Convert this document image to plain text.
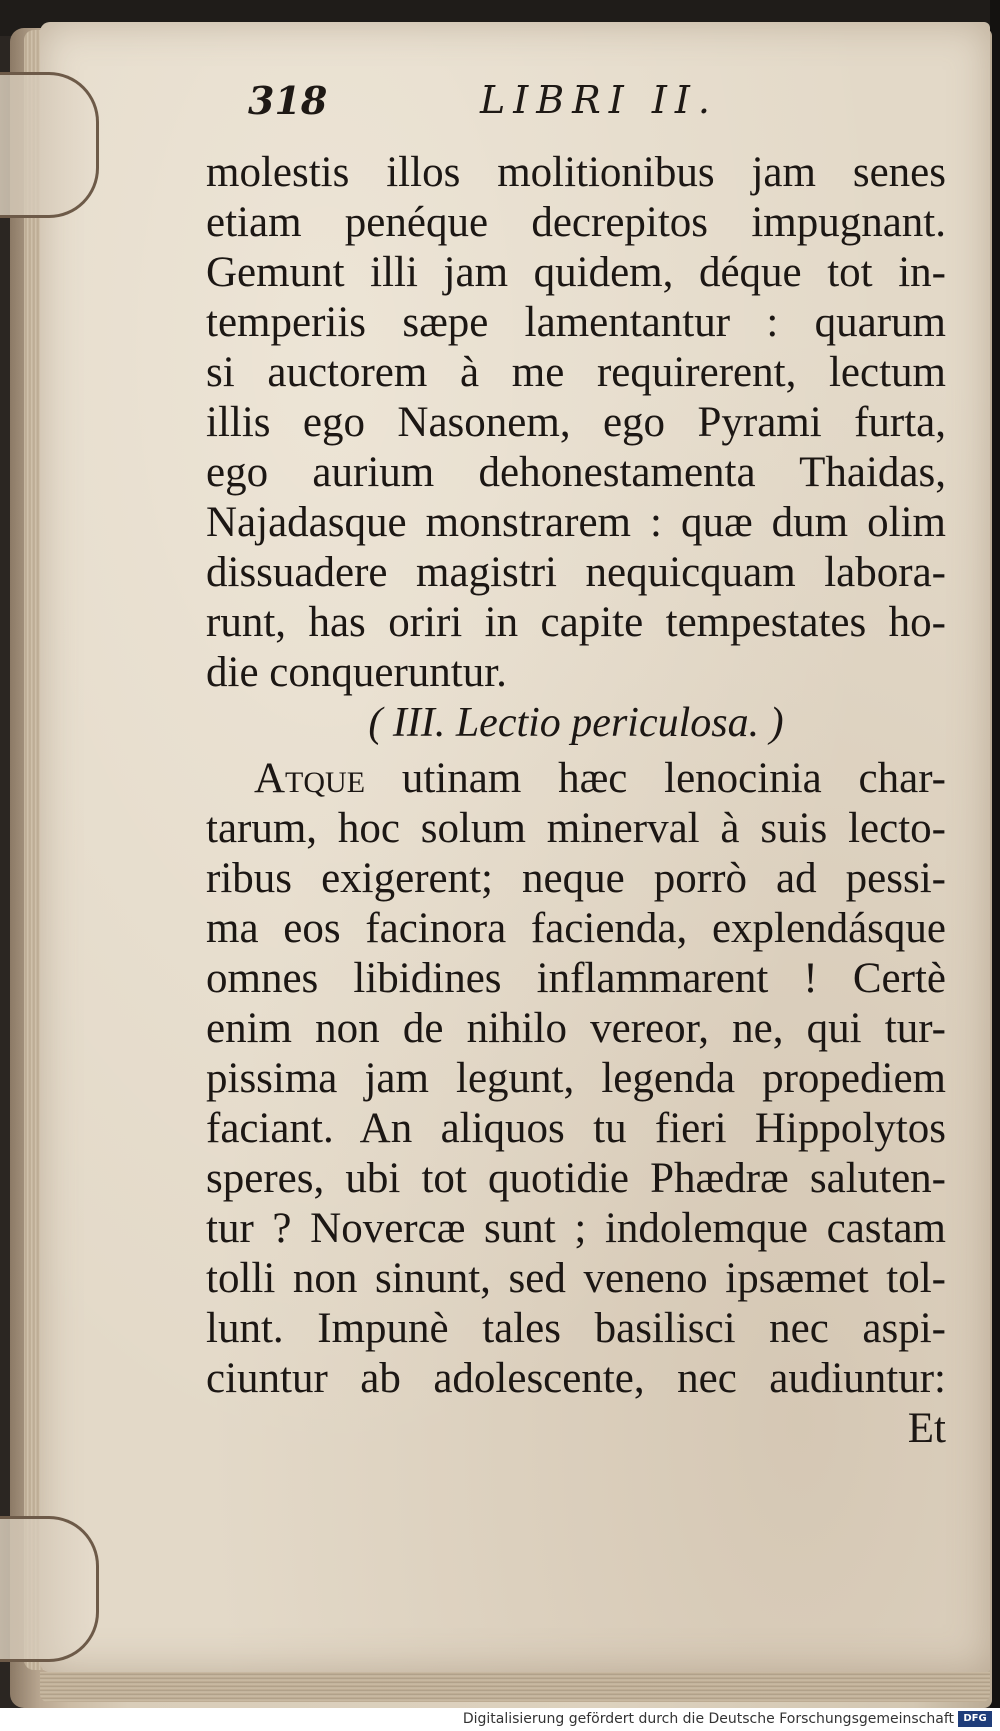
318	LIBRI II.
molestis illos molitionibus jam senes
etiam penéque decrepitos impugnant.
Gemunt illi jam quidem, déque tot in-
temperiis sæpe lamentantur : quarum
si auctorem à me requirerent, lectum
illis ego Nasonem, ego Pyrami furta,
ego aurium dehonestamenta Thaidas,
Najadasque monstrarem : quæ dum olim
dissuadere magistri nequicquam labora-
runt, has oriri in capite tempestates ho-
die conqueruntur.
( III. Lectio periculosa. )
Atque utinam hæc lenocinia char-
tarum, hoc solum minerval à suis lecto-
ribus exigerent; neque porrò ad pessi-
ma eos facinora facienda, explendásque
omnes libidines inflammarent ! Certè
enim non de nihilo vereor, ne, qui tur-
pissima jam legunt, legenda propediem
faciant. An aliquos tu fieri Hippolytos
speres, ubi tot quotidie Phædræ saluten-
tur ? Novercæ sunt ; indolemque castam
tolli non sinunt, sed veneno ipsæmet tol-
lunt. Impunè tales basilisci nec aspi-
ciuntur ab adolescente, nec audiuntur:
Et
Digitalisierung gefördert durch die Deutsche Forschungsgemeinschaft DFG
